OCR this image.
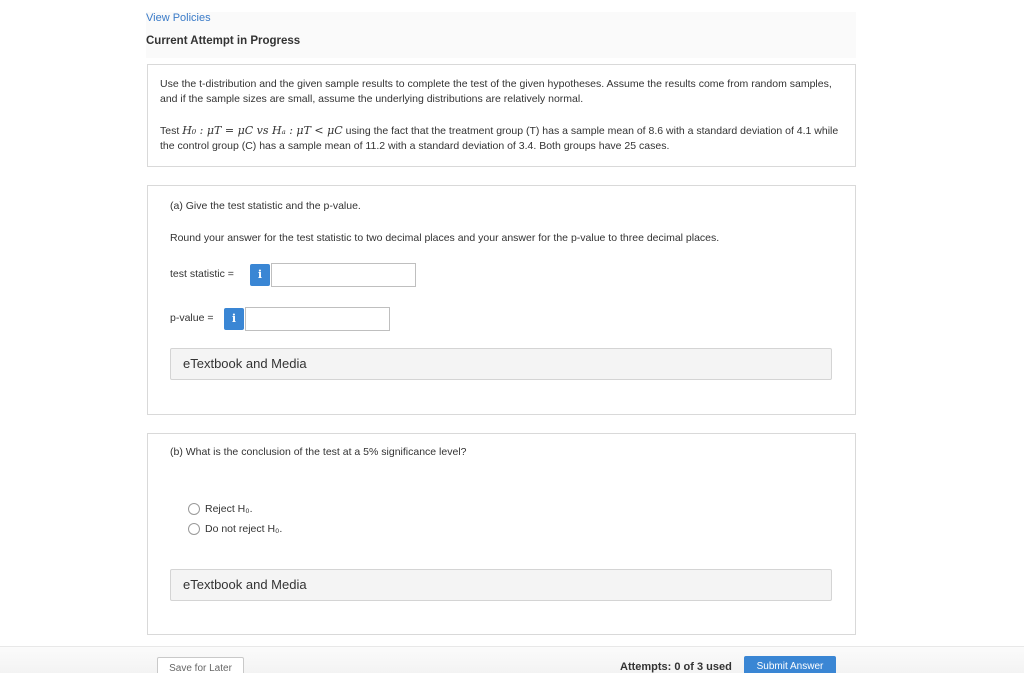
View Policies
Current Attempt in Progress

Use the t-distribution and the given sample results to complete the test of the given hypotheses. Assume the results come from random samples, and if the sample sizes are small, assume the underlying distributions are relatively normal.

Test H₀ : μT = μC vs Hₐ : μT < μC using the fact that the treatment group (T) has a sample mean of 8.6 with a standard deviation of 4.1 while the control group (C) has a sample mean of 11.2 with a standard deviation of 3.4. Both groups have 25 cases.

(a) Give the test statistic and the p-value.
Round your answer for the test statistic to two decimal places and your answer for the p-value to three decimal places.
test statistic =	i
p-value =	i
eTextbook and Media
(b) What is the conclusion of the test at a 5% significance level?
Reject H₀.
Do not reject H₀.
eTextbook and Media
Save for Later	Attempts: 0 of 3 used	Submit Answer
